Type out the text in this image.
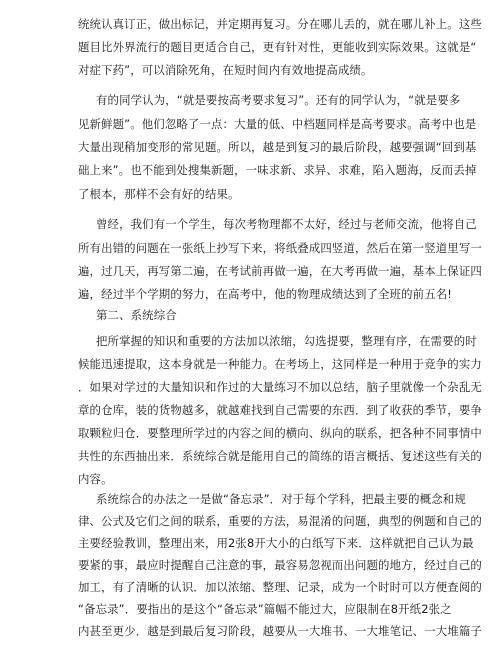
统统认真订正，做出标记，并定期再复习。分在哪儿丢的，就在哪儿补上。这些
题目比外界流行的题目更适合自己，更有针对性，更能收到实际效果。这就是“
对症下药”，可以消除死角，在短时间内有效地提高成绩。
有的同学认为，“就是要按高考要求复习”。还有的同学认为，“就是要多
见新鲜题”。他们忽略了一点：大量的低、中档题同样是高考要求。高考中也是
大量出现稍加变形的常见题。所以，越是到复习的最后阶段，越要强调“回到基
础上来”。也不能到处搜集新题，一味求新、求异、求难，陷入题海，反而丢掉
了根本，那样不会有好的结果。
曾经，我们有一个学生，每次考物理都不太好，经过与老师交流，他将自己
所有出错的问题在一张纸上抄写下来，将纸叠成四竖道，然后在第一竖道里写一
遍，过几天，再写第二遍，在考试前再做一遍，在大考再做一遍，基本上保证四
遍，经过半个学期的努力，在高考中，他的物理成绩达到了全班的前五名!
第二、系统综合
把所掌握的知识和重要的方法加以浓缩，勾选提要，整理有序，在需要的时
候能迅速提取，这本身就是一种能力。在考场上，这同样是一种用于竞争的实力
．如果对学过的大量知识和作过的大量练习不加以总结，脑子里就像一个杂乱无
章的仓库，装的货物越多，就越难找到自己需要的东西．到了收获的季节，要争
取颗粒归仓．要整理所学过的内容之间的横向、纵向的联系，把各种不同事情中
共性的东西抽出来．系统综合就是能用自己的简练的语言概括、复述这些有关的
内容。
系统综合的办法之一是做“备忘录”．对于每个学科，把最主要的概念和规
律、公式及它们之间的联系，重要的方法，易混淆的问题，典型的例题和自己的
主要经验教训，整理出来，用2张8开大小的白纸写下来．这样就把自己认为最
要紧的事，最应时提醒自己注意的事，最容易忽视而出问题的地方，经过自己的
加工，有了清晰的认识．加以浓缩、整理、记录，成为一个时时可以方便查阅的
“备忘录”．要指出的是这个“备忘录”篇幅不能过大，应限制在8开纸2张之
内甚至更少．越是到最后复习阶段，越要从一大堆书、一大堆笔记、一大堆篇子
